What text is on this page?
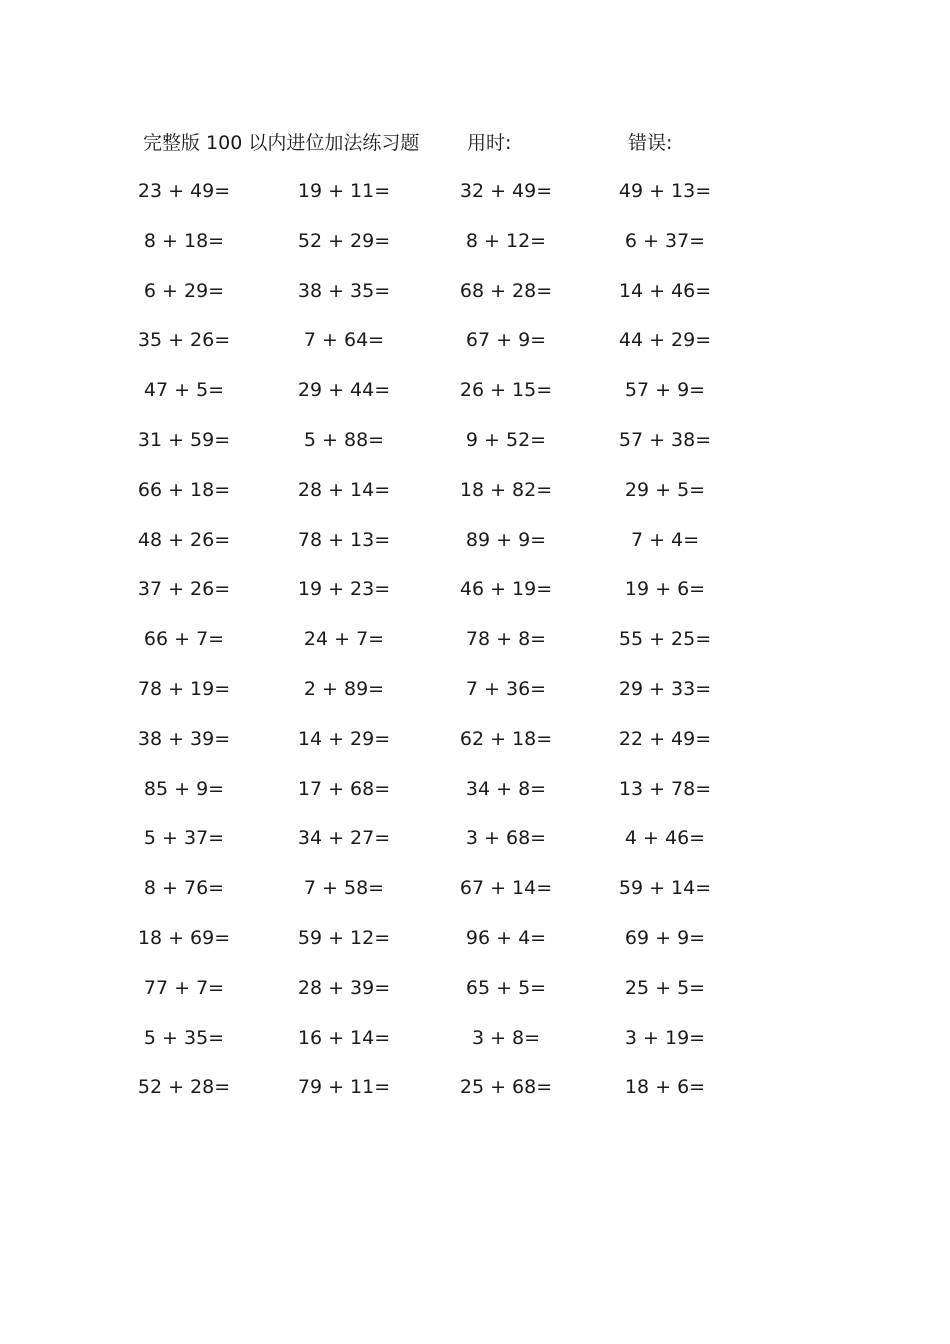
完整版 100 以内进位加法练习题	用时:	错误:
23 + 49=	19 + 11=	32 + 49=	49 + 13=
8 + 18=	52 + 29=	8 + 12=	6 + 37=
6 + 29=	38 + 35=	68 + 28=	14 + 46=
35 + 26=	7 + 64=	67 + 9=	44 + 29=
47 + 5=	29 + 44=	26 + 15=	57 + 9=
31 + 59=	5 + 88=	9 + 52=	57 + 38=
66 + 18=	28 + 14=	18 + 82=	29 + 5=
48 + 26=	78 + 13=	89 + 9=	7 + 4=
37 + 26=	19 + 23=	46 + 19=	19 + 6=
66 + 7=	24 + 7=	78 + 8=	55 + 25=
78 + 19=	2 + 89=	7 + 36=	29 + 33=
38 + 39=	14 + 29=	62 + 18=	22 + 49=
85 + 9=	17 + 68=	34 + 8=	13 + 78=
5 + 37=	34 + 27=	3 + 68=	4 + 46=
8 + 76=	7 + 58=	67 + 14=	59 + 14=
18 + 69=	59 + 12=	96 + 4=	69 + 9=
77 + 7=	28 + 39=	65 + 5=	25 + 5=
5 + 35=	16 + 14=	3 + 8=	3 + 19=
52 + 28=	79 + 11=	25 + 68=	18 + 6=
